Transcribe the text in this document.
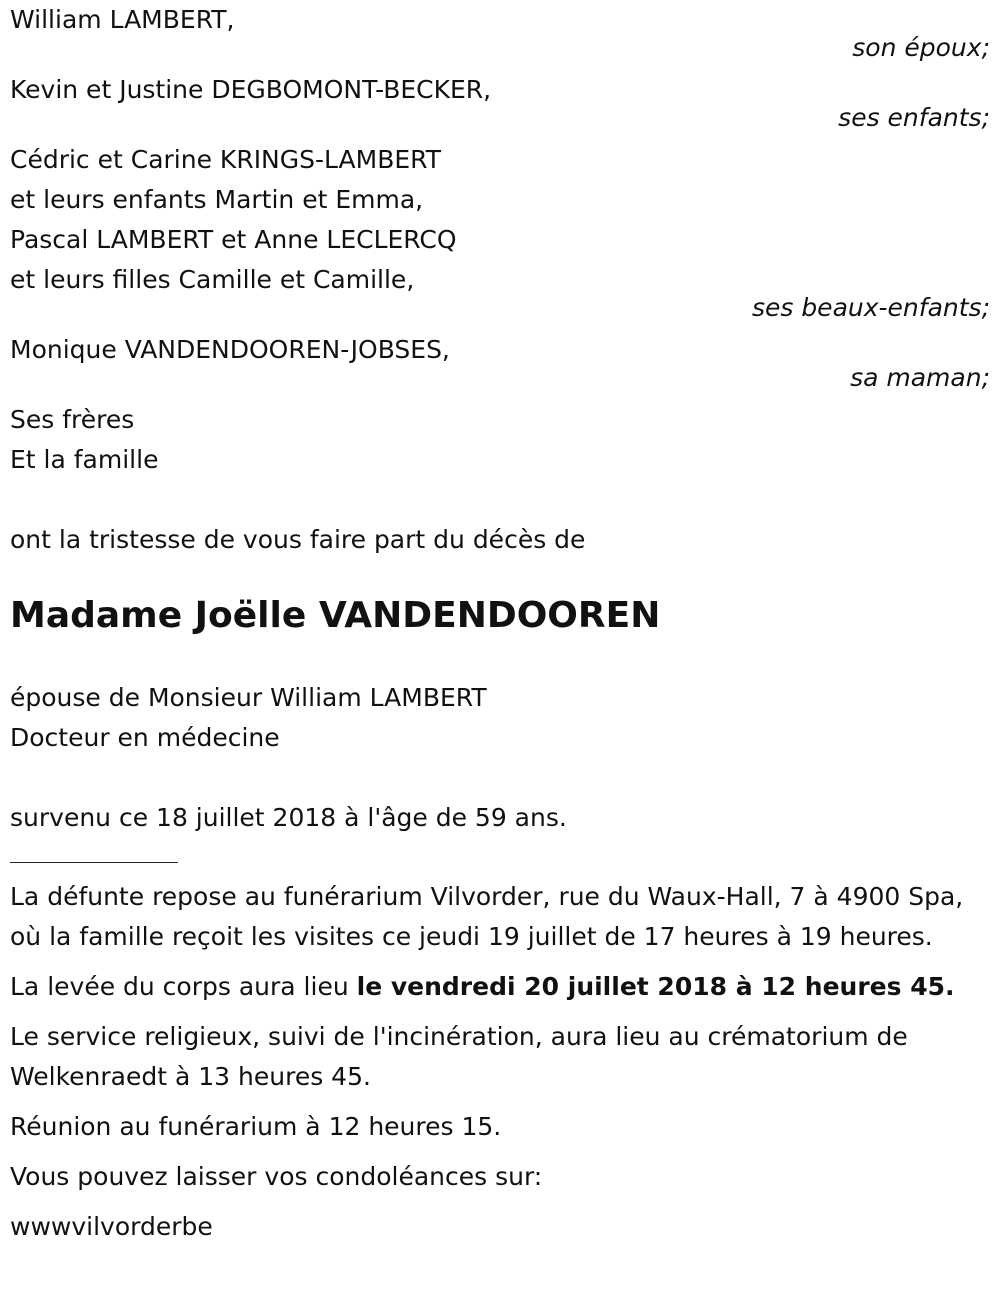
William LAMBERT,
son époux;
Kevin et Justine DEGBOMONT-BECKER,
ses enfants;
Cédric et Carine KRINGS-LAMBERT
et leurs enfants Martin et Emma,
Pascal LAMBERT et Anne LECLERCQ
et leurs filles Camille et Camille,
ses beaux-enfants;
Monique VANDENDOOREN-JOBSES,
sa maman;
Ses frères
Et la famille
ont la tristesse de vous faire part du décès de
Madame Joëlle VANDENDOOREN
épouse de Monsieur William LAMBERT
Docteur en médecine
survenu ce 18 juillet 2018 à l'âge de 59 ans.
La défunte repose au funérarium Vilvorder, rue du Waux-Hall, 7 à 4900 Spa, où la famille reçoit les visites ce jeudi 19 juillet de 17 heures à 19 heures.
La levée du corps aura lieu le vendredi 20 juillet 2018 à 12 heures 45.
Le service religieux, suivi de l'incinération, aura lieu au crématorium de Welkenraedt à 13 heures 45.
Réunion au funérarium à 12 heures 15.
Vous pouvez laisser vos condoléances sur:
wwwvilvorderbe
